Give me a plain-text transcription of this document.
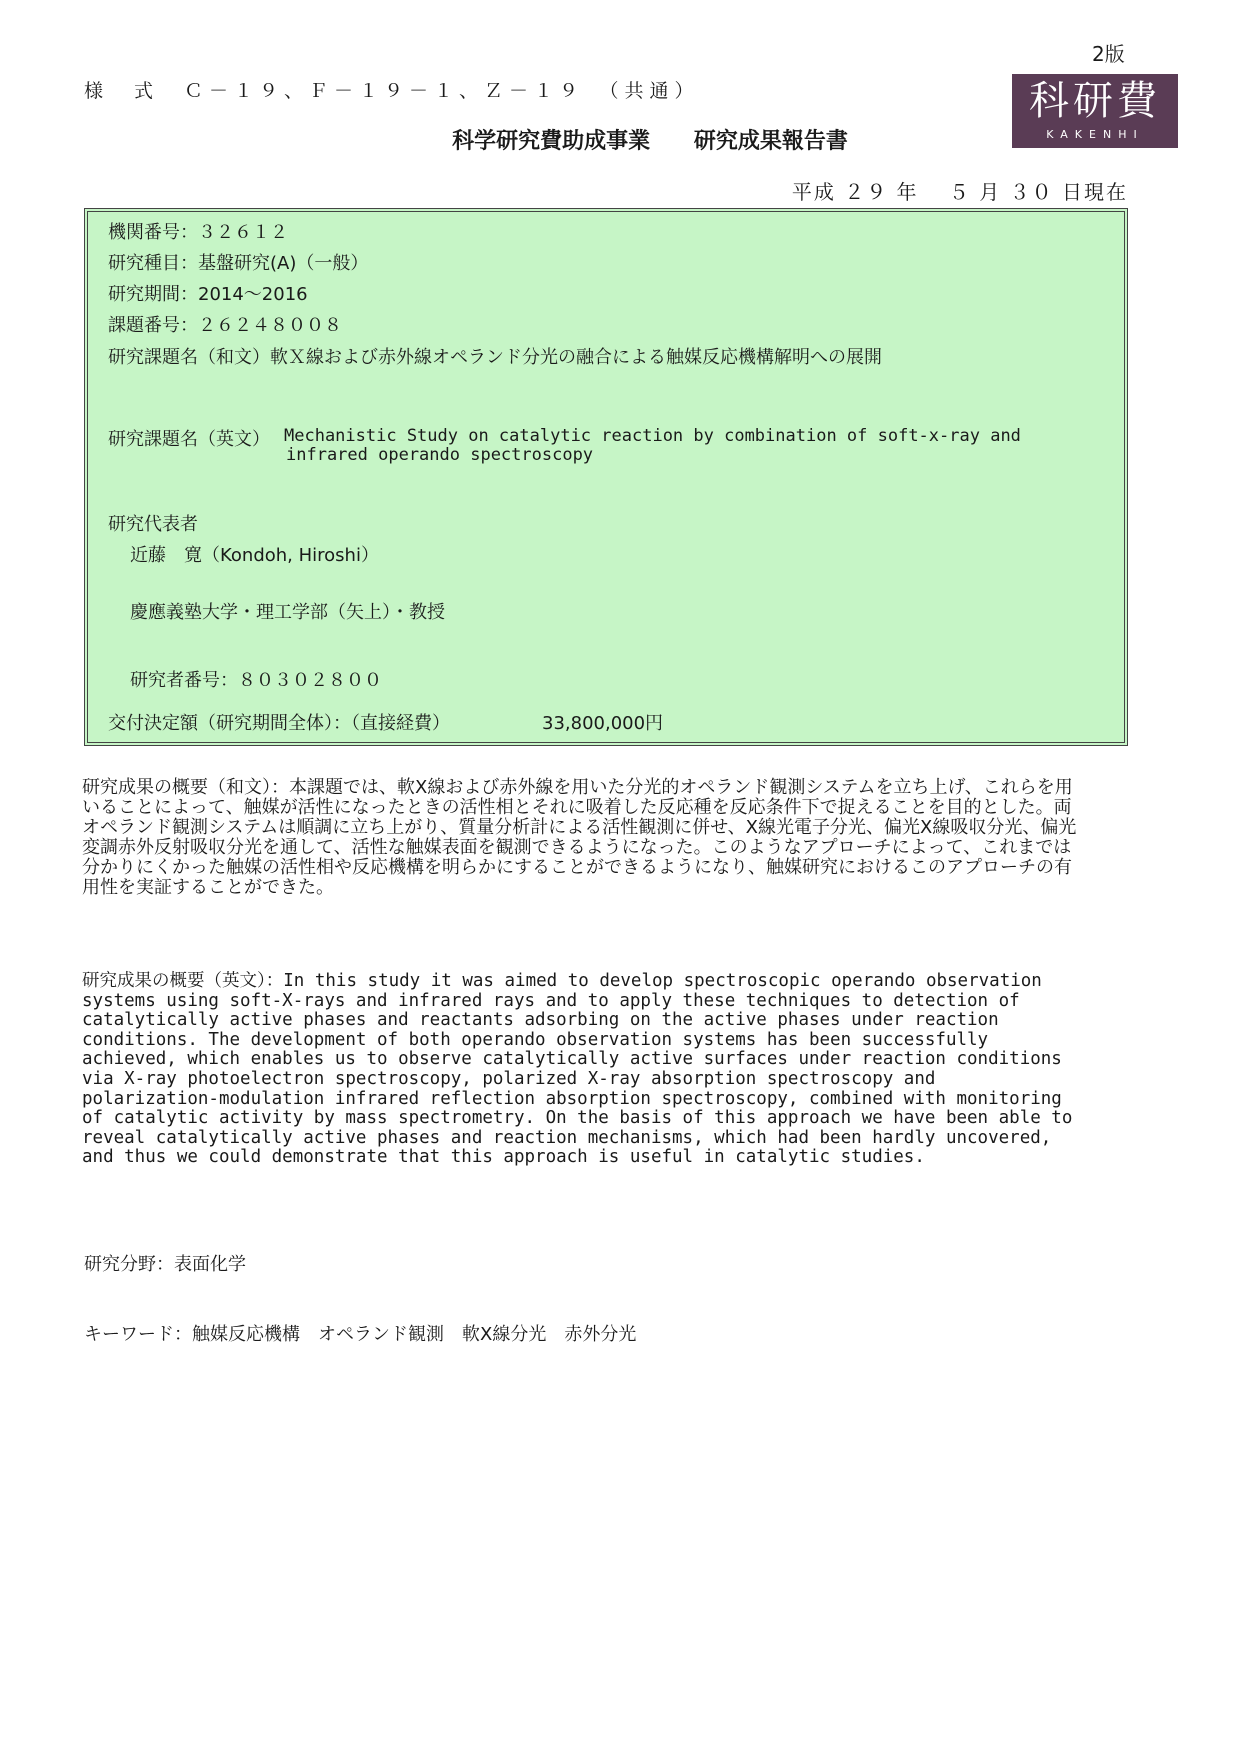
2版
様　式　Ｃ－１９、Ｆ－１９－１、Ｚ－１９　（共通）	科研費
KAKENHI
科学研究費助成事業 研究成果報告書
平成 ２９ 年　 ５ 月 ３０ 日現在
機関番号：３２６１２
研究種目：基盤研究(A)（一般）
研究期間：2014～2016
課題番号：２６２４８００８
研究課題名（和文）軟Ｘ線および赤外線オペランド分光の融合による触媒反応機構解明への展開
研究課題名（英文） Mechanistic Study on catalytic reaction by combination of soft-x-ray and
infrared operando spectroscopy
研究代表者
近藤　寛（Kondoh, Hiroshi）
慶應義塾大学・理工学部（矢上）・教授
研究者番号：８０３０２８００
交付決定額（研究期間全体）：（直接経費）	33,800,000円
研究成果の概要（和文）：本課題では、軟X線および赤外線を用いた分光的オペランド観測システムを立ち上げ、これらを用いることによって、触媒が活性になったときの活性相とそれに吸着した反応種を反応条件下で捉えることを目的とした。両オペランド観測システムは順調に立ち上がり、質量分析計による活性観測に併せ、X線光電子分光、偏光X線吸収分光、偏光変調赤外反射吸収分光を通して、活性な触媒表面を観測できるようになった。このようなアプローチによって、これまでは分かりにくかった触媒の活性相や反応機構を明らかにすることができるようになり、触媒研究におけるこのアプローチの有用性を実証することができた。
研究成果の概要（英文）：In this study it was aimed to develop spectroscopic operando observation systems using soft-X-rays and infrared rays and to apply these techniques to detection of catalytically active phases and reactants adsorbing on the active phases under reaction conditions. The development of both operando observation systems has been successfully achieved, which enables us to observe catalytically active surfaces under reaction conditions via X-ray photoelectron spectroscopy, polarized X-ray absorption spectroscopy and polarization-modulation infrared reflection absorption spectroscopy, combined with monitoring of catalytic activity by mass spectrometry. On the basis of this approach we have been able to reveal catalytically active phases and reaction mechanisms, which had been hardly uncovered, and thus we could demonstrate that this approach is useful in catalytic studies.
研究分野：表面化学
キーワード：触媒反応機構　オペランド観測　軟X線分光　赤外分光
